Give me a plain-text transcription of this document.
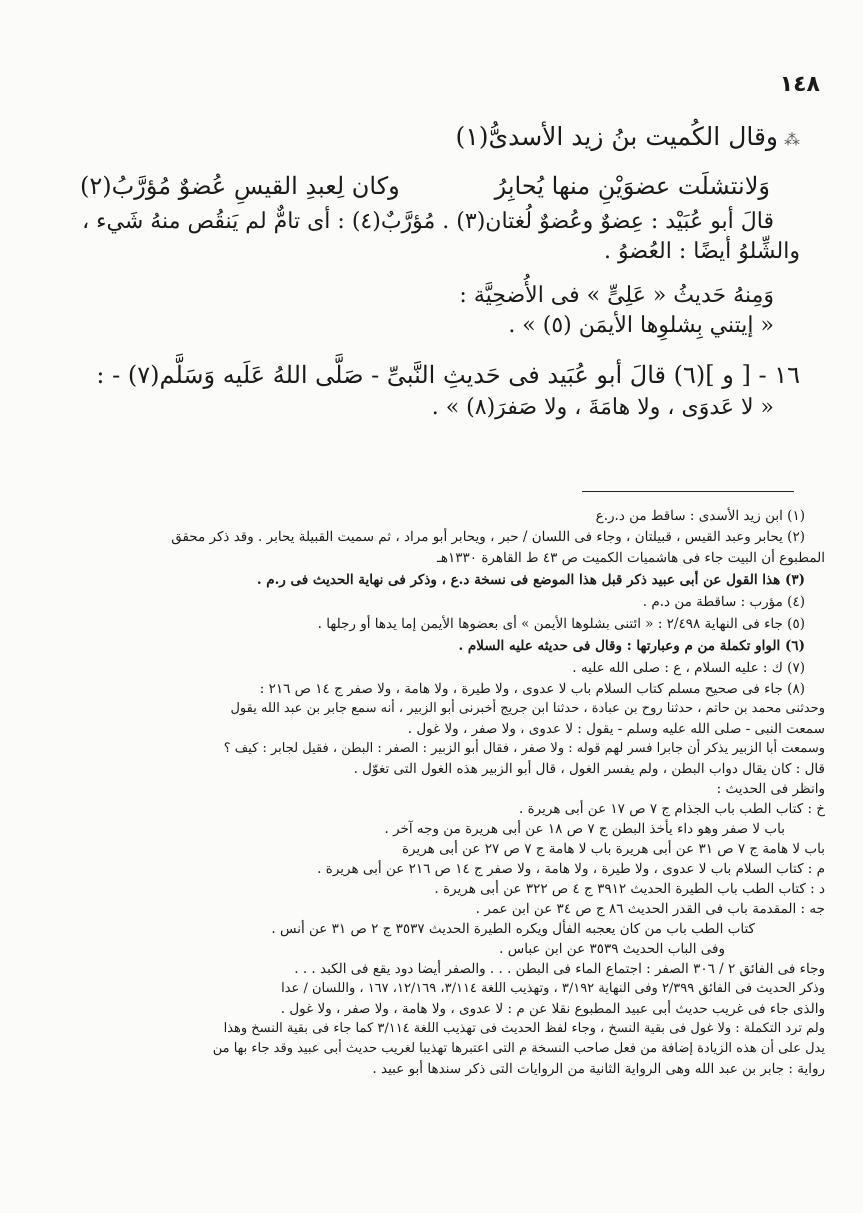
١٤٨

⁂وقال الكُميت بنُ زيد الأسدىُّ(١)

وَلانتشلَت عضوَيْنِ منها يُحابِرُ
وكان لِعبدِ القيسِ عُضوٌ مُؤرَّبُ(٢)

قالَ أبو عُبَيْد : عِضوٌ وعُضوٌ لُغتان(٣) . مُؤرَّبٌ(٤) : أى تامٌّ لم يَنقُص منهُ شَيء ،

والشِّلوُ أيضًا : العُضوُ .

وَمِنهُ حَديثُ « عَلِىٍّ » فى الأُضحِيَّة :

« إيتني بِشلوِها الأيمَن (٥) » .

١٦ - [ و ](٦) قالَ أبو عُبَيد فى حَديثِ النَّبىِّ - صَلَّى اللهُ عَلَيه وَسَلَّم(٧) - :

« لا عَدوَى ، ولا هامَةَ ، ولا صَفرَ(٨) » .

(١) ابن زيد الأسدى : ساقط من د.ر.ع

(٢) يحابر وعبد القيس ، قبيلتان ، وجاء فى اللسان / حبر ، ويحابر أبو مراد ، ثم سميت القبيلة يحابر . وقد ذكر محقق

المطبوع أن البيت جاء فى هاشميات الكميت ص ٤٣ ط القاهرة ١٣٣٠هـ

(٣) هذا القول عن أبى عبيد ذكر قبل هذا الموضع فى نسخة د.ع ، وذكر فى نهاية الحديث فى ر.م .

(٤) مؤرب : ساقطة من د.م .

(٥) جاء فى النهاية ٢/٤٩٨ : « ائتنى بشلوها الأيمن » أى بعضوها الأيمن إما يدها أو رجلها .

(٦) الواو تكملة من م وعبارتها : وقال فى حديثه عليه السلام .

(٧) ك : عليه السلام ، ع : صلى الله عليه .

(٨) جاء فى صحيح مسلم كتاب السلام باب لا عدوى ، ولا طيرة ، ولا هامة ، ولا صفر ج ١٤ ص ٢١٦ :

وحدثنى محمد بن حاتم ، حدثنا روح بن عبادة ، حدثنا ابن جريج أخبرنى أبو الزبير ، أنه سمع جابر بن عبد الله يقول

سمعت النبى - صلى الله عليه وسلم - يقول : لا عدوى ، ولا صفر ، ولا غول .

وسمعت أبا الزبير يذكر أن جابرا فسر لهم قوله : ولا صفر ، فقال أبو الزبير : الصفر : البطن ، فقيل لجابر : كيف ؟

قال : كان يقال دواب البطن ، ولم يفسر الغول ، قال أبو الزبير هذه الغول التى تغوّل .

وانظر فى الحديث :

خ : كتاب الطب باب الجذام ج ٧ ص ١٧ عن أبى هريرة .

باب لا صفر وهو داء يأخذ البطن ج ٧ ص ١٨ عن أبى هريرة من وجه آخر .

باب لا هامة ج ٧ ص ٣١ عن أبى هريرة باب لا هامة ج ٧ ص ٢٧ عن أبى هريرة

م : كتاب السلام باب لا عدوى ، ولا طيرة ، ولا هامة ، ولا صفر ج ١٤ ص ٢١٦ عن أبى هريرة .

د : كتاب الطب باب الطيرة الحديث ٣٩١٢ ج ٤ ص ٣٢٢ عن أبى هريرة .

جه : المقدمة باب فى القدر الحديث ٨٦ ج ص ٣٤ عن ابن عمر .

كتاب الطب باب من كان يعجبه الفأل ويكره الطيرة الحديث ٣٥٣٧ ج ٢ ص ٣١ عن أنس .

وفى الباب الحديث ٣٥٣٩ عن ابن عباس .

وجاء فى الفائق ٢ / ٣٠٦ الصفر : اجتماع الماء فى البطن . . . والصفر أيضا دود يقع فى الكبد . . .

وذكر الحديث فى الفائق ٢/٣٩٩ وفى النهاية ٣/١٩٢ ، وتهذيب اللغة ٣/١١٤، ١٢/١٦٩، ١٦٧ ، واللسان / عدا

والذى جاء فى غريب حديث أبى عبيد المطبوع نقلا عن م : لا عدوى ، ولا هامة ، ولا صفر ، ولا غول .

ولم ترد التكملة : ولا غول فى بقية النسخ ، وجاء لفظ الحديث فى تهذيب اللغة ٣/١١٤ كما جاء فى بقية النسخ وهذا

يدل على أن هذه الزيادة إضافة من فعل صاحب النسخة م التى اعتبرها تهذيبا لغريب حديث أبى عبيد وقد جاء بها من

رواية : جابر بن عبد الله وهى الرواية الثانية من الروايات التى ذكر سندها أبو عبيد .
